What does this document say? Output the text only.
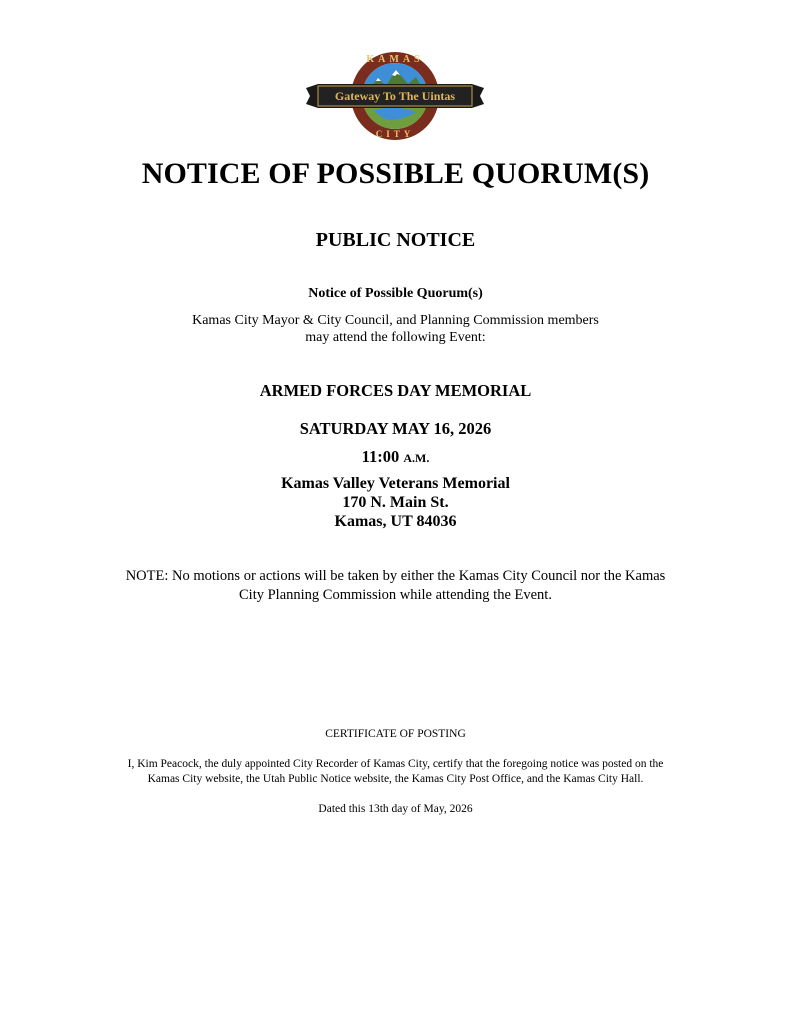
KAMAS
CITY
Gateway To The Uintas
NOTICE OF POSSIBLE QUORUM(S)
PUBLIC NOTICE
Notice of Possible Quorum(s)
Kamas City Mayor & City Council, and Planning Commission members
may attend the following Event:
ARMED FORCES DAY MEMORIAL
SATURDAY MAY 16, 2026
11:00 A.M.
Kamas Valley Veterans Memorial
170 N. Main St.
Kamas, UT 84036
NOTE: No motions or actions will be taken by either the Kamas City Council nor the Kamas
City Planning Commission while attending the Event.
CERTIFICATE OF POSTING
I, Kim Peacock, the duly appointed City Recorder of Kamas City, certify that the foregoing notice was posted on the
Kamas City website, the Utah Public Notice website, the Kamas City Post Office, and the Kamas City Hall.
Dated this 13th day of May, 2026
